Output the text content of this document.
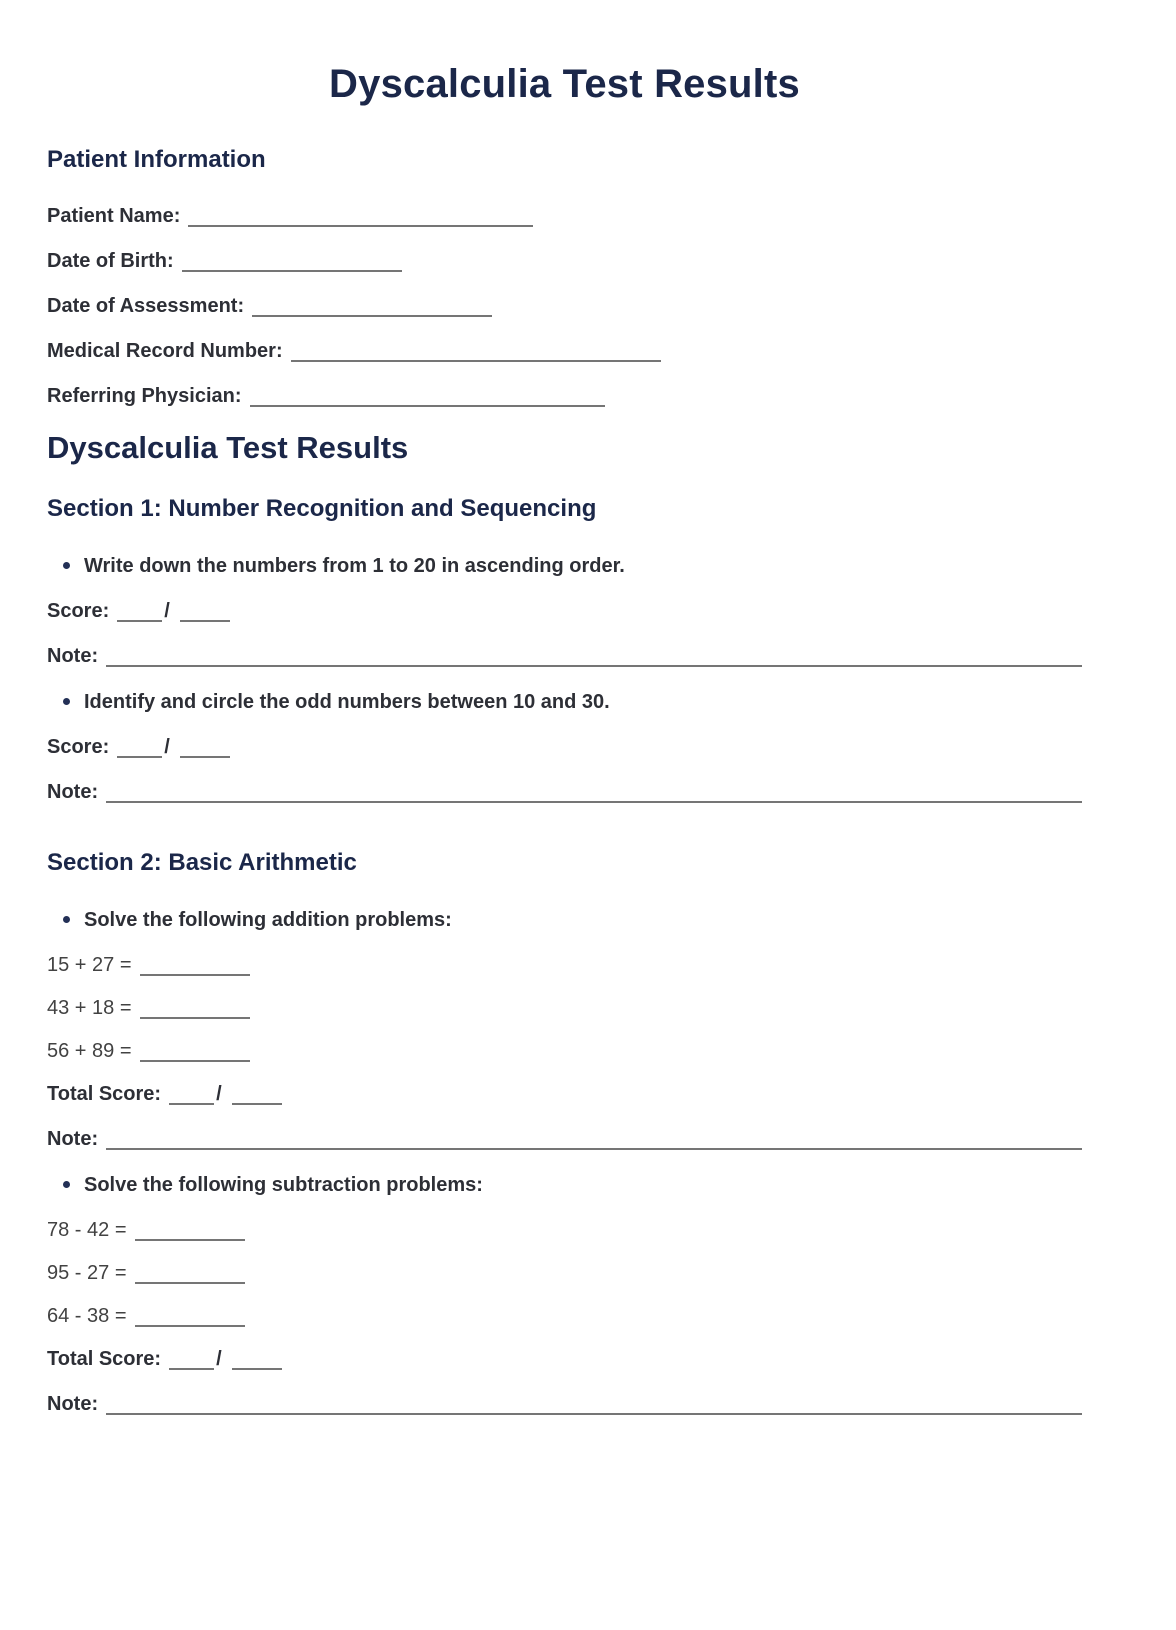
Dyscalculia Test Results
Patient Information

Patient Name:

Date of Birth:

Date of Assessment:

Medical Record Number:

Referring Physician:

Dyscalculia Test Results
Section 1: Number Recognition and Sequencing
Write down the numbers from 1 to 20 in ascending order.

Score:	/

Note:

Identify and circle the odd numbers between 10 and 30.

Score:	/

Note:

Section 2: Basic Arithmetic
Solve the following addition problems:

15 + 27 =

43 + 18 =

56 + 89 =

Total Score:	/

Note:

Solve the following subtraction problems:

78 - 42 =

95 - 27 =

64 - 38 =

Total Score:	/

Note:
